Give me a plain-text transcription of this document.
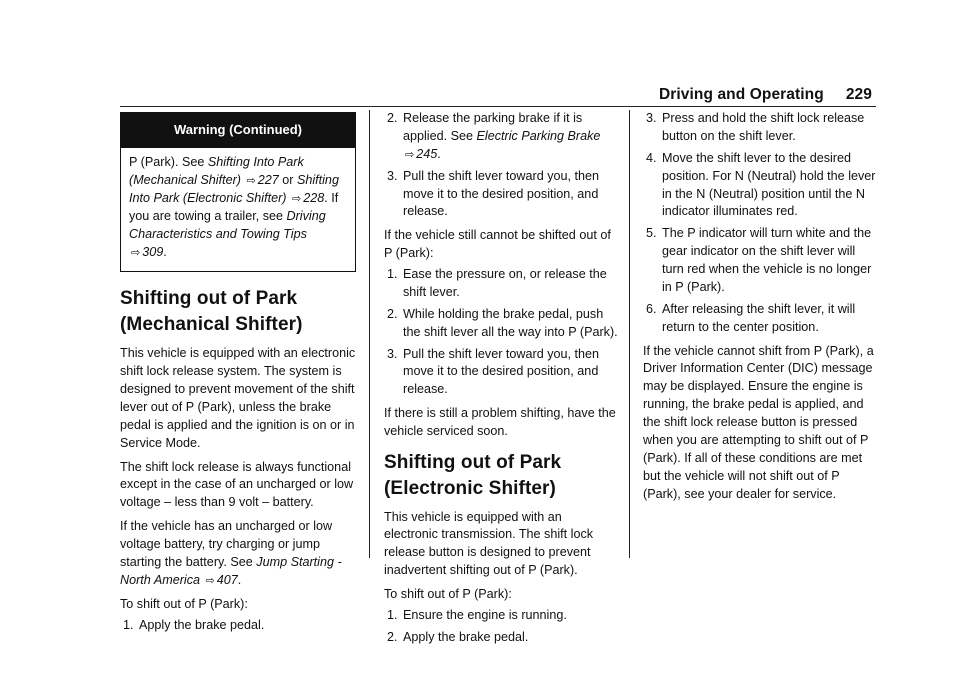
Driving and Operating 229
Warning (Continued)

P (Park). See Shifting Into Park (Mechanical Shifter) ⇨ 227 or Shifting Into Park (Electronic Shifter) ⇨ 228. If you are towing a trailer, see Driving Characteristics and Towing Tips ⇨ 309.

Shifting out of Park (Mechanical Shifter)

This vehicle is equipped with an electronic shift lock release system. The system is designed to prevent movement of the shift lever out of P (Park), unless the brake pedal is applied and the ignition is on or in Service Mode.

The shift lock release is always functional except in the case of an uncharged or low voltage – less than 9 volt – battery.

If the vehicle has an uncharged or low voltage battery, try charging or jump starting the battery. See Jump Starting - North America ⇨ 407.

To shift out of P (Park):

1. Apply the brake pedal.
2. Release the parking brake if it is applied. See Electric Parking Brake ⇨ 245.
3. Pull the shift lever toward you, then move it to the desired position, and release.

If the vehicle still cannot be shifted out of P (Park):

1. Ease the pressure on, or release the shift lever.
2. While holding the brake pedal, push the shift lever all the way into P (Park).
3. Pull the shift lever toward you, then move it to the desired position, and release.

If there is still a problem shifting, have the vehicle serviced soon.

Shifting out of Park (Electronic Shifter)

This vehicle is equipped with an electronic transmission. The shift lock release button is designed to prevent inadvertent shifting out of P (Park).

To shift out of P (Park):

1. Ensure the engine is running.
2. Apply the brake pedal.
3. Press and hold the shift lock release button on the shift lever.
4. Move the shift lever to the desired position. For N (Neutral) hold the lever in the N (Neutral) position until the N indicator illuminates red.
5. The P indicator will turn white and the gear indicator on the shift lever will turn red when the vehicle is no longer in P (Park).
6. After releasing the shift lever, it will return to the center position.

If the vehicle cannot shift from P (Park), a Driver Information Center (DIC) message may be displayed. Ensure the engine is running, the brake pedal is applied, and the shift lock release button is pressed when you are attempting to shift out of P (Park). If all of these conditions are met but the vehicle will not shift out of P (Park), see your dealer for service.
